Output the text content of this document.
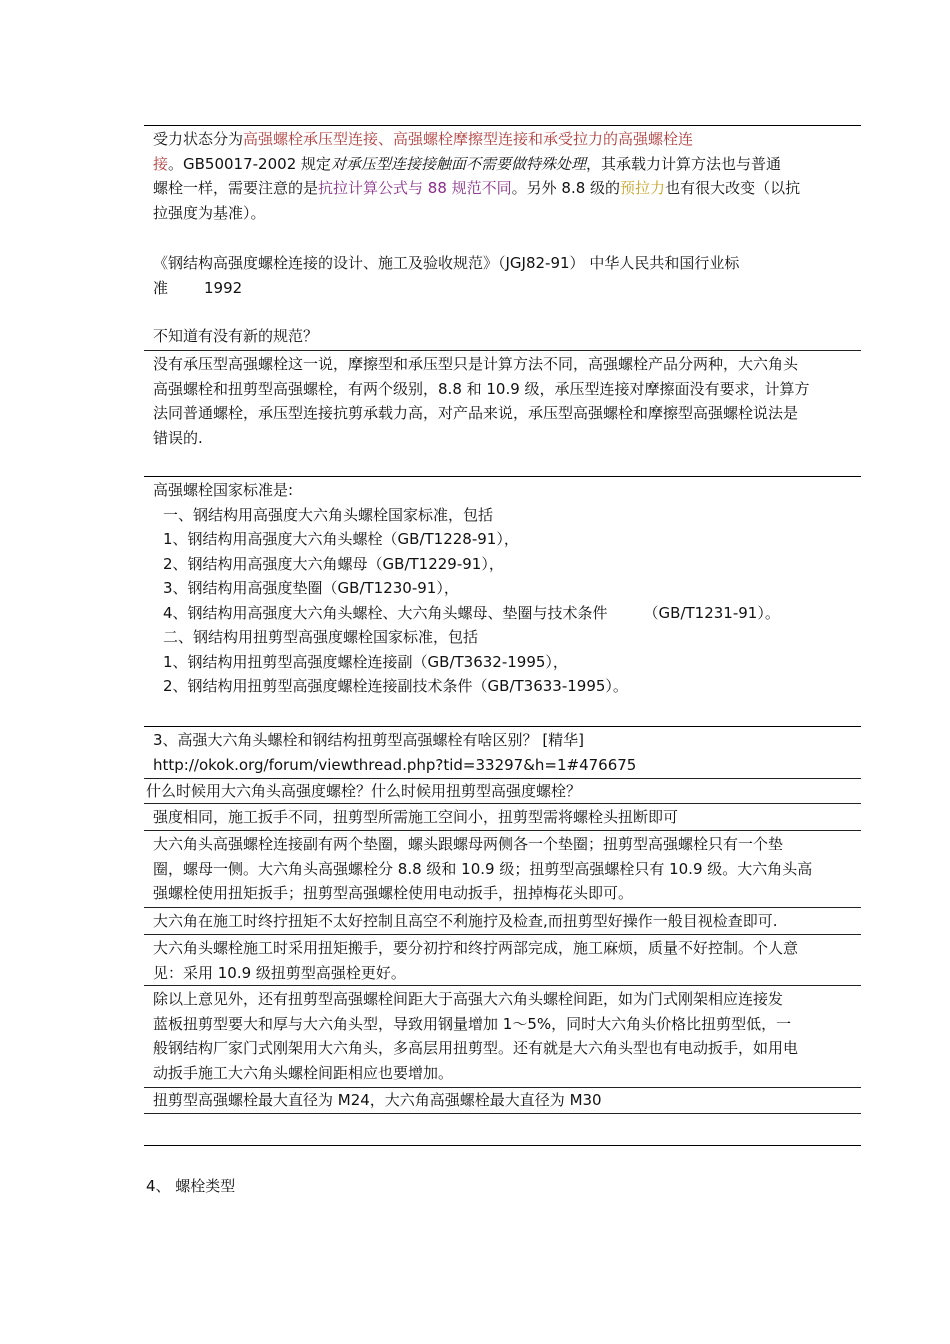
受力状态分为高强螺栓承压型连接、高强螺栓摩擦型连接和承受拉力的高强螺栓连
接。GB50017-2002 规定对承压型连接接触面不需要做特殊处理，其承载力计算方法也与普通
螺栓一样，需要注意的是抗拉计算公式与 88 规范不同。另外 8.8 级的预拉力也有很大改变（以抗
拉强度为基准）。
《钢结构高强度螺栓连接的设计、施工及验收规范》（JGJ82-91） 中华人民共和国行业标
准 1992
不知道有没有新的规范？
没有承压型高强螺栓这一说，摩擦型和承压型只是计算方法不同，高强螺栓产品分两种，大六角头
高强螺栓和扭剪型高强螺栓，有两个级别，8.8 和 10.9 级，承压型连接对摩擦面没有要求，计算方
法同普通螺栓，承压型连接抗剪承载力高，对产品来说，承压型高强螺栓和摩擦型高强螺栓说法是
错误的.
高强螺栓国家标准是:
一、钢结构用高强度大六角头螺栓国家标准，包括
1、钢结构用高强度大六角头螺栓（GB/T1228-91），
2、钢结构用高强度大六角螺母（GB/T1229-91），
3、钢结构用高强度垫圈（GB/T1230-91），
4、钢结构用高强度大六角头螺栓、大六角头螺母、垫圈与技术条件 （GB/T1231-91）。
二、钢结构用扭剪型高强度螺栓国家标准，包括
1、钢结构用扭剪型高强度螺栓连接副（GB/T3632-1995），
2、钢结构用扭剪型高强度螺栓连接副技术条件（GB/T3633-1995）。
3、高强大六角头螺栓和钢结构扭剪型高强螺栓有啥区别？ [精华]
http://okok.org/forum/viewthread.php?tid=33297&h=1#476675
什么时候用大六角头高强度螺栓？什么时候用扭剪型高强度螺栓？
强度相同，施工扳手不同，扭剪型所需施工空间小，扭剪型需将螺栓头扭断即可
大六角头高强螺栓连接副有两个垫圈，螺头跟螺母两侧各一个垫圈；扭剪型高强螺栓只有一个垫
圈，螺母一侧。大六角头高强螺栓分 8.8 级和 10.9 级；扭剪型高强螺栓只有 10.9 级。大六角头高
强螺栓使用扭矩扳手；扭剪型高强螺栓使用电动扳手，扭掉梅花头即可。
大六角在施工时终拧扭矩不太好控制且高空不利施拧及检查,而扭剪型好操作一般目视检查即可.
大六角头螺栓施工时采用扭矩搬手，要分初拧和终拧两部完成，施工麻烦，质量不好控制。个人意
见：采用 10.9 级扭剪型高强栓更好。
除以上意见外，还有扭剪型高强螺栓间距大于高强大六角头螺栓间距，如为门式刚架相应连接发
蓝板扭剪型要大和厚与大六角头型，导致用钢量增加 1～5%，同时大六角头价格比扭剪型低，一
般钢结构厂家门式刚架用大六角头，多高层用扭剪型。还有就是大六角头型也有电动扳手，如用电
动扳手施工大六角头螺栓间距相应也要增加。
扭剪型高强螺栓最大直径为 M24，大六角高强螺栓最大直径为 M30
4、 螺栓类型
